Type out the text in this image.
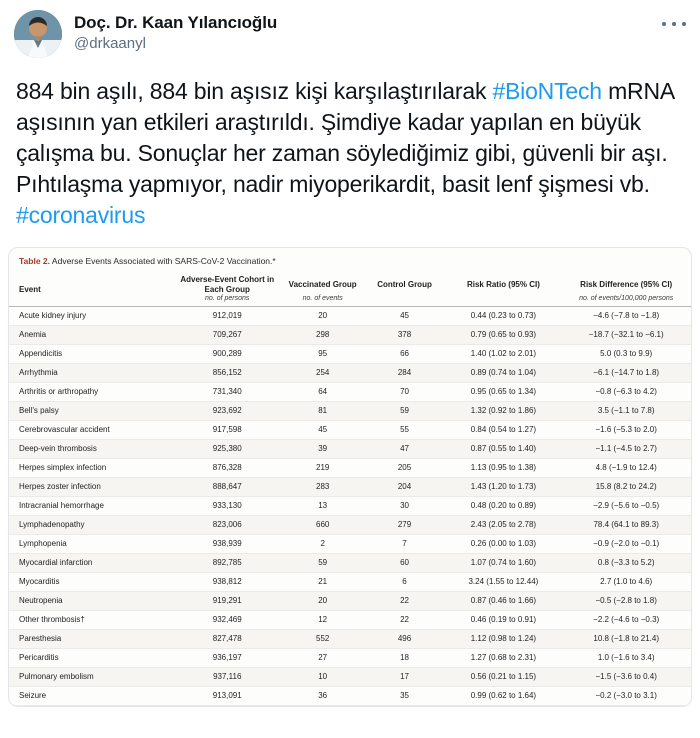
Doç. Dr. Kaan Yılancıoğlu
@drkaanyl
884 bin aşılı, 884 bin aşısız kişi karşılaştırılarak #BioNTech mRNA aşısının yan etkileri araştırıldı. Şimdiye kadar yapılan en büyük çalışma bu. Sonuçlar her zaman söylediğimiz gibi, güvenli bir aşı. Pıhtılaşma yapmıyor, nadir miyoperikardit, basit lenf şişmesi vb. #coronavirus
Table 2. Adverse Events Associated with SARS-CoV-2 Vaccination.*
Event	Adverse-Event Cohort in Each Group	Vaccinated Group	Control Group	Risk Ratio (95% CI)	Risk Difference (95% CI)
	no. of persons	no. of events			no. of events/100,000 persons
Acute kidney injury	912,019	20	45	0.44 (0.23 to 0.73)	−4.6 (−7.8 to −1.8)
Anemia	709,267	298	378	0.79 (0.65 to 0.93)	−18.7 (−32.1 to −6.1)
Appendicitis	900,289	95	66	1.40 (1.02 to 2.01)	5.0 (0.3 to 9.9)
Arrhythmia	856,152	254	284	0.89 (0.74 to 1.04)	−6.1 (−14.7 to 1.8)
Arthritis or arthropathy	731,340	64	70	0.95 (0.65 to 1.34)	−0.8 (−6.3 to 4.2)
Bell's palsy	923,692	81	59	1.32 (0.92 to 1.86)	3.5 (−1.1 to 7.8)
Cerebrovascular accident	917,598	45	55	0.84 (0.54 to 1.27)	−1.6 (−5.3 to 2.0)
Deep-vein thrombosis	925,380	39	47	0.87 (0.55 to 1.40)	−1.1 (−4.5 to 2.7)
Herpes simplex infection	876,328	219	205	1.13 (0.95 to 1.38)	4.8 (−1.9 to 12.4)
Herpes zoster infection	888,647	283	204	1.43 (1.20 to 1.73)	15.8 (8.2 to 24.2)
Intracranial hemorrhage	933,130	13	30	0.48 (0.20 to 0.89)	−2.9 (−5.6 to −0.5)
Lymphadenopathy	823,006	660	279	2.43 (2.05 to 2.78)	78.4 (64.1 to 89.3)
Lymphopenia	938,939	2	7	0.26 (0.00 to 1.03)	−0.9 (−2.0 to −0.1)
Myocardial infarction	892,785	59	60	1.07 (0.74 to 1.60)	0.8 (−3.3 to 5.2)
Myocarditis	938,812	21	6	3.24 (1.55 to 12.44)	2.7 (1.0 to 4.6)
Neutropenia	919,291	20	22	0.87 (0.46 to 1.66)	−0.5 (−2.8 to 1.8)
Other thrombosis†	932,469	12	22	0.46 (0.19 to 0.91)	−2.2 (−4.6 to −0.3)
Paresthesia	827,478	552	496	1.12 (0.98 to 1.24)	10.8 (−1.8 to 21.4)
Pericarditis	936,197	27	18	1.27 (0.68 to 2.31)	1.0 (−1.6 to 3.4)
Pulmonary embolism	937,116	10	17	0.56 (0.21 to 1.15)	−1.5 (−3.6 to 0.4)
Seizure	913,091	36	35	0.99 (0.62 to 1.64)	−0.2 (−3.0 to 3.1)
